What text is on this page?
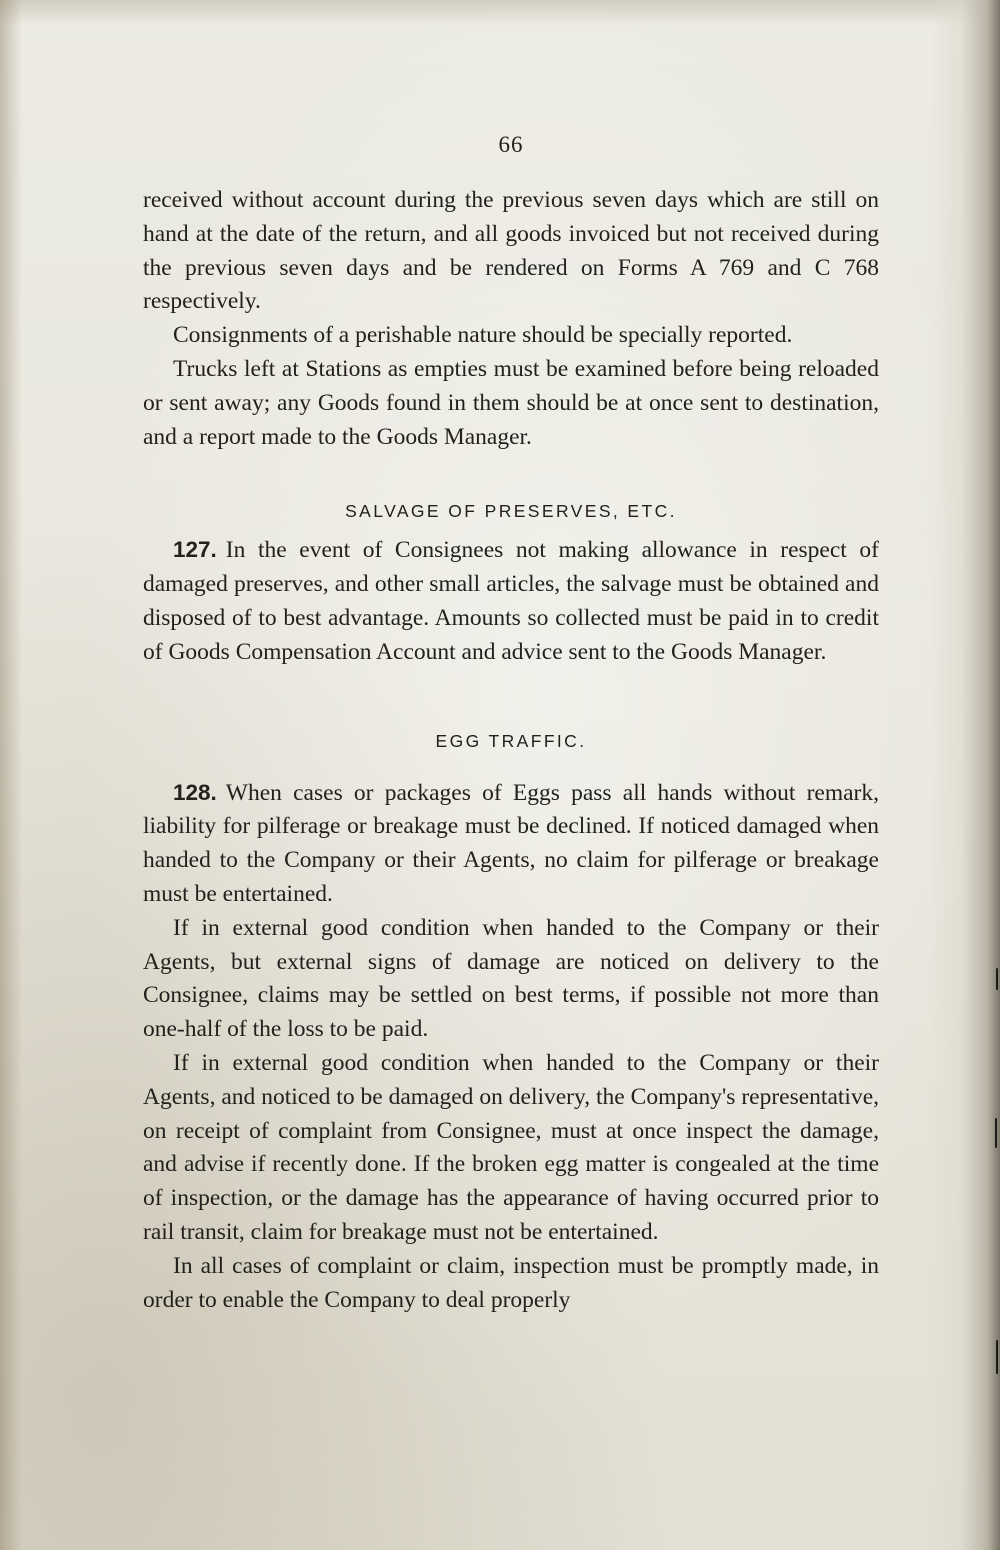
66

received without account during the previous seven days which are still on hand at the date of the return, and all goods invoiced but not received during the previous seven days and be rendered on Forms A 769 and C 768 respectively.

Consignments of a perishable nature should be specially reported.

Trucks left at Stations as empties must be examined before being reloaded or sent away; any Goods found in them should be at once sent to destination, and a report made to the Goods Manager.

SALVAGE OF PRESERVES, ETC.

127. In the event of Consignees not making allowance in respect of damaged preserves, and other small articles, the salvage must be obtained and disposed of to best advantage. Amounts so collected must be paid in to credit of Goods Compensation Account and advice sent to the Goods Manager.

EGG TRAFFIC.

128. When cases or packages of Eggs pass all hands without remark, liability for pilferage or breakage must be declined. If noticed damaged when handed to the Company or their Agents, no claim for pilferage or breakage must be entertained.

If in external good condition when handed to the Company or their Agents, but external signs of damage are noticed on delivery to the Consignee, claims may be settled on best terms, if possible not more than one-half of the loss to be paid.

If in external good condition when handed to the Company or their Agents, and noticed to be damaged on delivery, the Company's representative, on receipt of complaint from Consignee, must at once inspect the damage, and advise if recently done. If the broken egg matter is congealed at the time of inspection, or the damage has the appearance of having occurred prior to rail transit, claim for breakage must not be entertained.

In all cases of complaint or claim, inspection must be promptly made, in order to enable the Company to deal properly
